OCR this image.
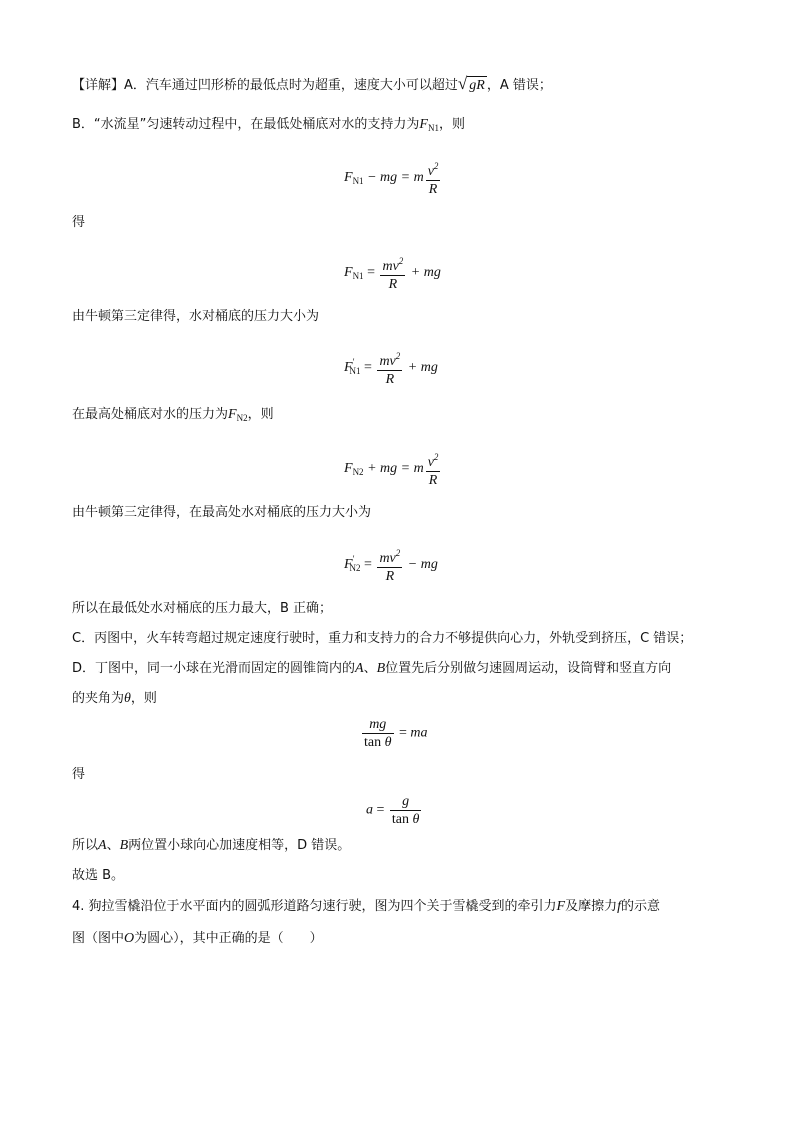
【详解】A．汽车通过凹形桥的最低点时为超重，速度大小可以超过√ gR ，A 错误；
B．“水流星”匀速转动过程中，在最低处桶底对水的支持力为$F_{N1}$，则
$F_{N1}$ − mg = m $\frac{v^2}{R}$
得
$F_{N1} = \frac{mv^2}{R}$ + mg
由牛顿第三定律得，水对桶底的压力大小为
$F'_{N1} = \frac{mv^2}{R}$ + mg
在最高处桶底对水的压力为$F_{N2}$，则
$F_{N2}$ + mg = m $\frac{v^2}{R}$
由牛顿第三定律得，在最高处水对桶底的压力大小为
$F'_{N2} = \frac{mv^2}{R}$ − mg
所以在最低处水对桶底的压力最大，B 正确；
C．丙图中，火车转弯超过规定速度行驶时，重力和支持力的合力不够提供向心力，外轨受到挤压，C 错误；
D．丁图中，同一小球在光滑而固定的圆锥筒内的A、B位置先后分别做匀速圆周运动，设筒臂和竖直方向
的夹角为θ，则
$\frac{mg}{\text{tan θ}}$ = ma
得
$a = \frac{g}{\text{tan θ}}$
所以A、B两位置小球向心加速度相等，D 错误。
故选 B。
4. 狗拉雪橇沿位于水平面内的圆弧形道路匀速行驶，图为四个关于雪橇受到的牵引力F及摩擦力f的示意
图（图中O为圆心），其中正确的是（　　）
